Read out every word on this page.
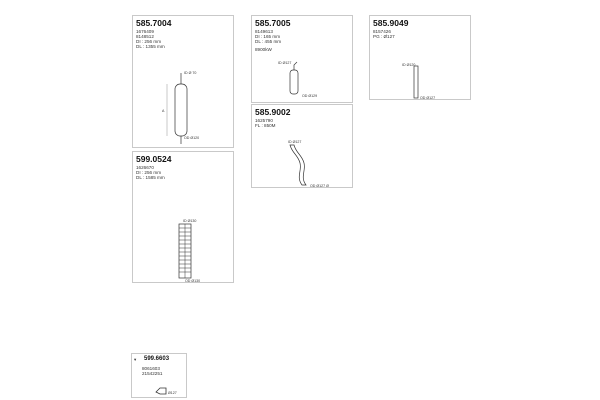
585.7004
1676409
8148512
DI : 256 mm
DL : 1355 mm
ID Ø 70
OD Ø120
A
585.7005
8149613
DI : 165 mm
DL : 455 mm
8900kW
ID Ø127
OD Ø129
585.9049
8157426
PG : Ø127
ID Ø120
OD Ø127
585.9002
1625790
FL : 850M
ID Ø127
OD Ø127 Ø
599.0524
1626670
DI : 256 mm
DL : 1585 mm
ID Ø130
OD Ø130
▾ 599.6603
8061603
21542251
Ø127
